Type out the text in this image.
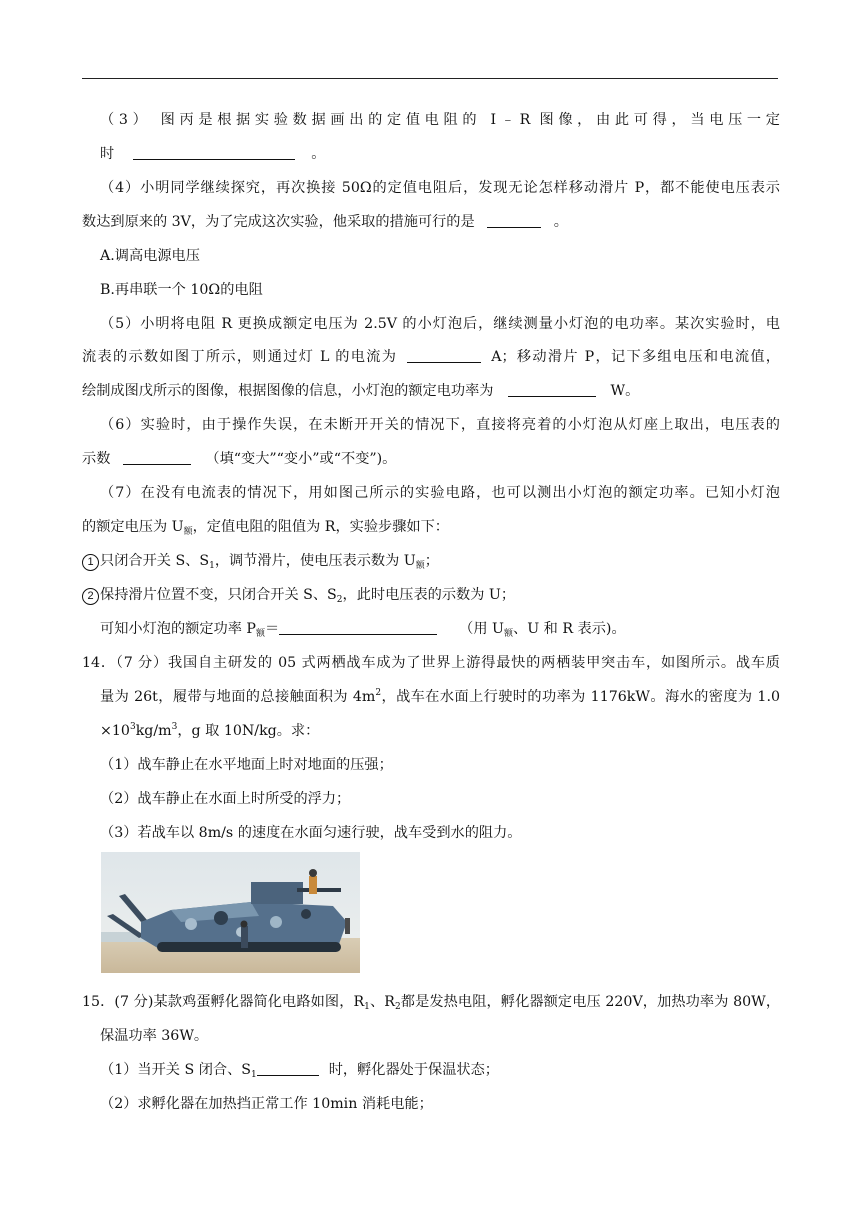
（3） 图丙是根据实验数据画出的定值电阻的 I﹣R 图像，由此可得，当电压一定
时	。
（4）小明同学继续探究，再次换接 50Ω的定值电阻后，发现无论怎样移动滑片 P，都不能使电压表示
数达到原来的 3V，为了完成这次实验，他采取的措施可行的是	。
A.调高电源电压
B.再串联一个 10Ω的电阻
（5）小明将电阻 R 更换成额定电压为 2.5V 的小灯泡后，继续测量小灯泡的电功率。某次实验时，电
流表的示数如图丁所示，则通过灯 L 的电流为	A；移动滑片 P，记下多组电压和电流值，
绘制成图戊所示的图像，根据图像的信息，小灯泡的额定电功率为	W。
（6）实验时，由于操作失误，在未断开开关的情况下，直接将亮着的小灯泡从灯座上取出，电压表的
示数	（填“变大”“变小”或“不变”)。
（7）在没有电流表的情况下，用如图己所示的实验电路，也可以测出小灯泡的额定功率。已知小灯泡
的额定电压为 $U_额$，定值电阻的阻值为 R，实验步骤如下：
1 只闭合开关 S、$S_1$，调节滑片，使电压表示数为 $U_额$；
2 保持滑片位置不变，只闭合开关 S、$S_2$，此时电压表的示数为 U；
可知小灯泡的额定功率 $P_额=$	（用 $U_额$、U 和 R 表示)。
14．（7 分）我国自主研发的 05 式两栖战车成为了世界上游得最快的两栖装甲突击车，如图所示。战车质
量为 26t，履带与地面的总接触面积为 $4m^2$，战车在水面上行驶时的功率为 1176kW。海水的密度为 1.0
$\times 10^3kg/m^3$，g 取 10N/kg。求：
（1）战车静止在水平地面上时对地面的压强；
（2）战车静止在水面上时所受的浮力；
（3）若战车以 8m/s 的速度在水面匀速行驶，战车受到水的阻力。
15．(7 分)某款鸡蛋孵化器简化电路如图，$R_1$、$R_2$都是发热电阻，孵化器额定电压 220V，加热功率为 80W，
保温功率 36W。
（1）当开关 S 闭合、$S_1$	时，孵化器处于保温状态；
（2）求孵化器在加热挡正常工作 10min 消耗电能；
